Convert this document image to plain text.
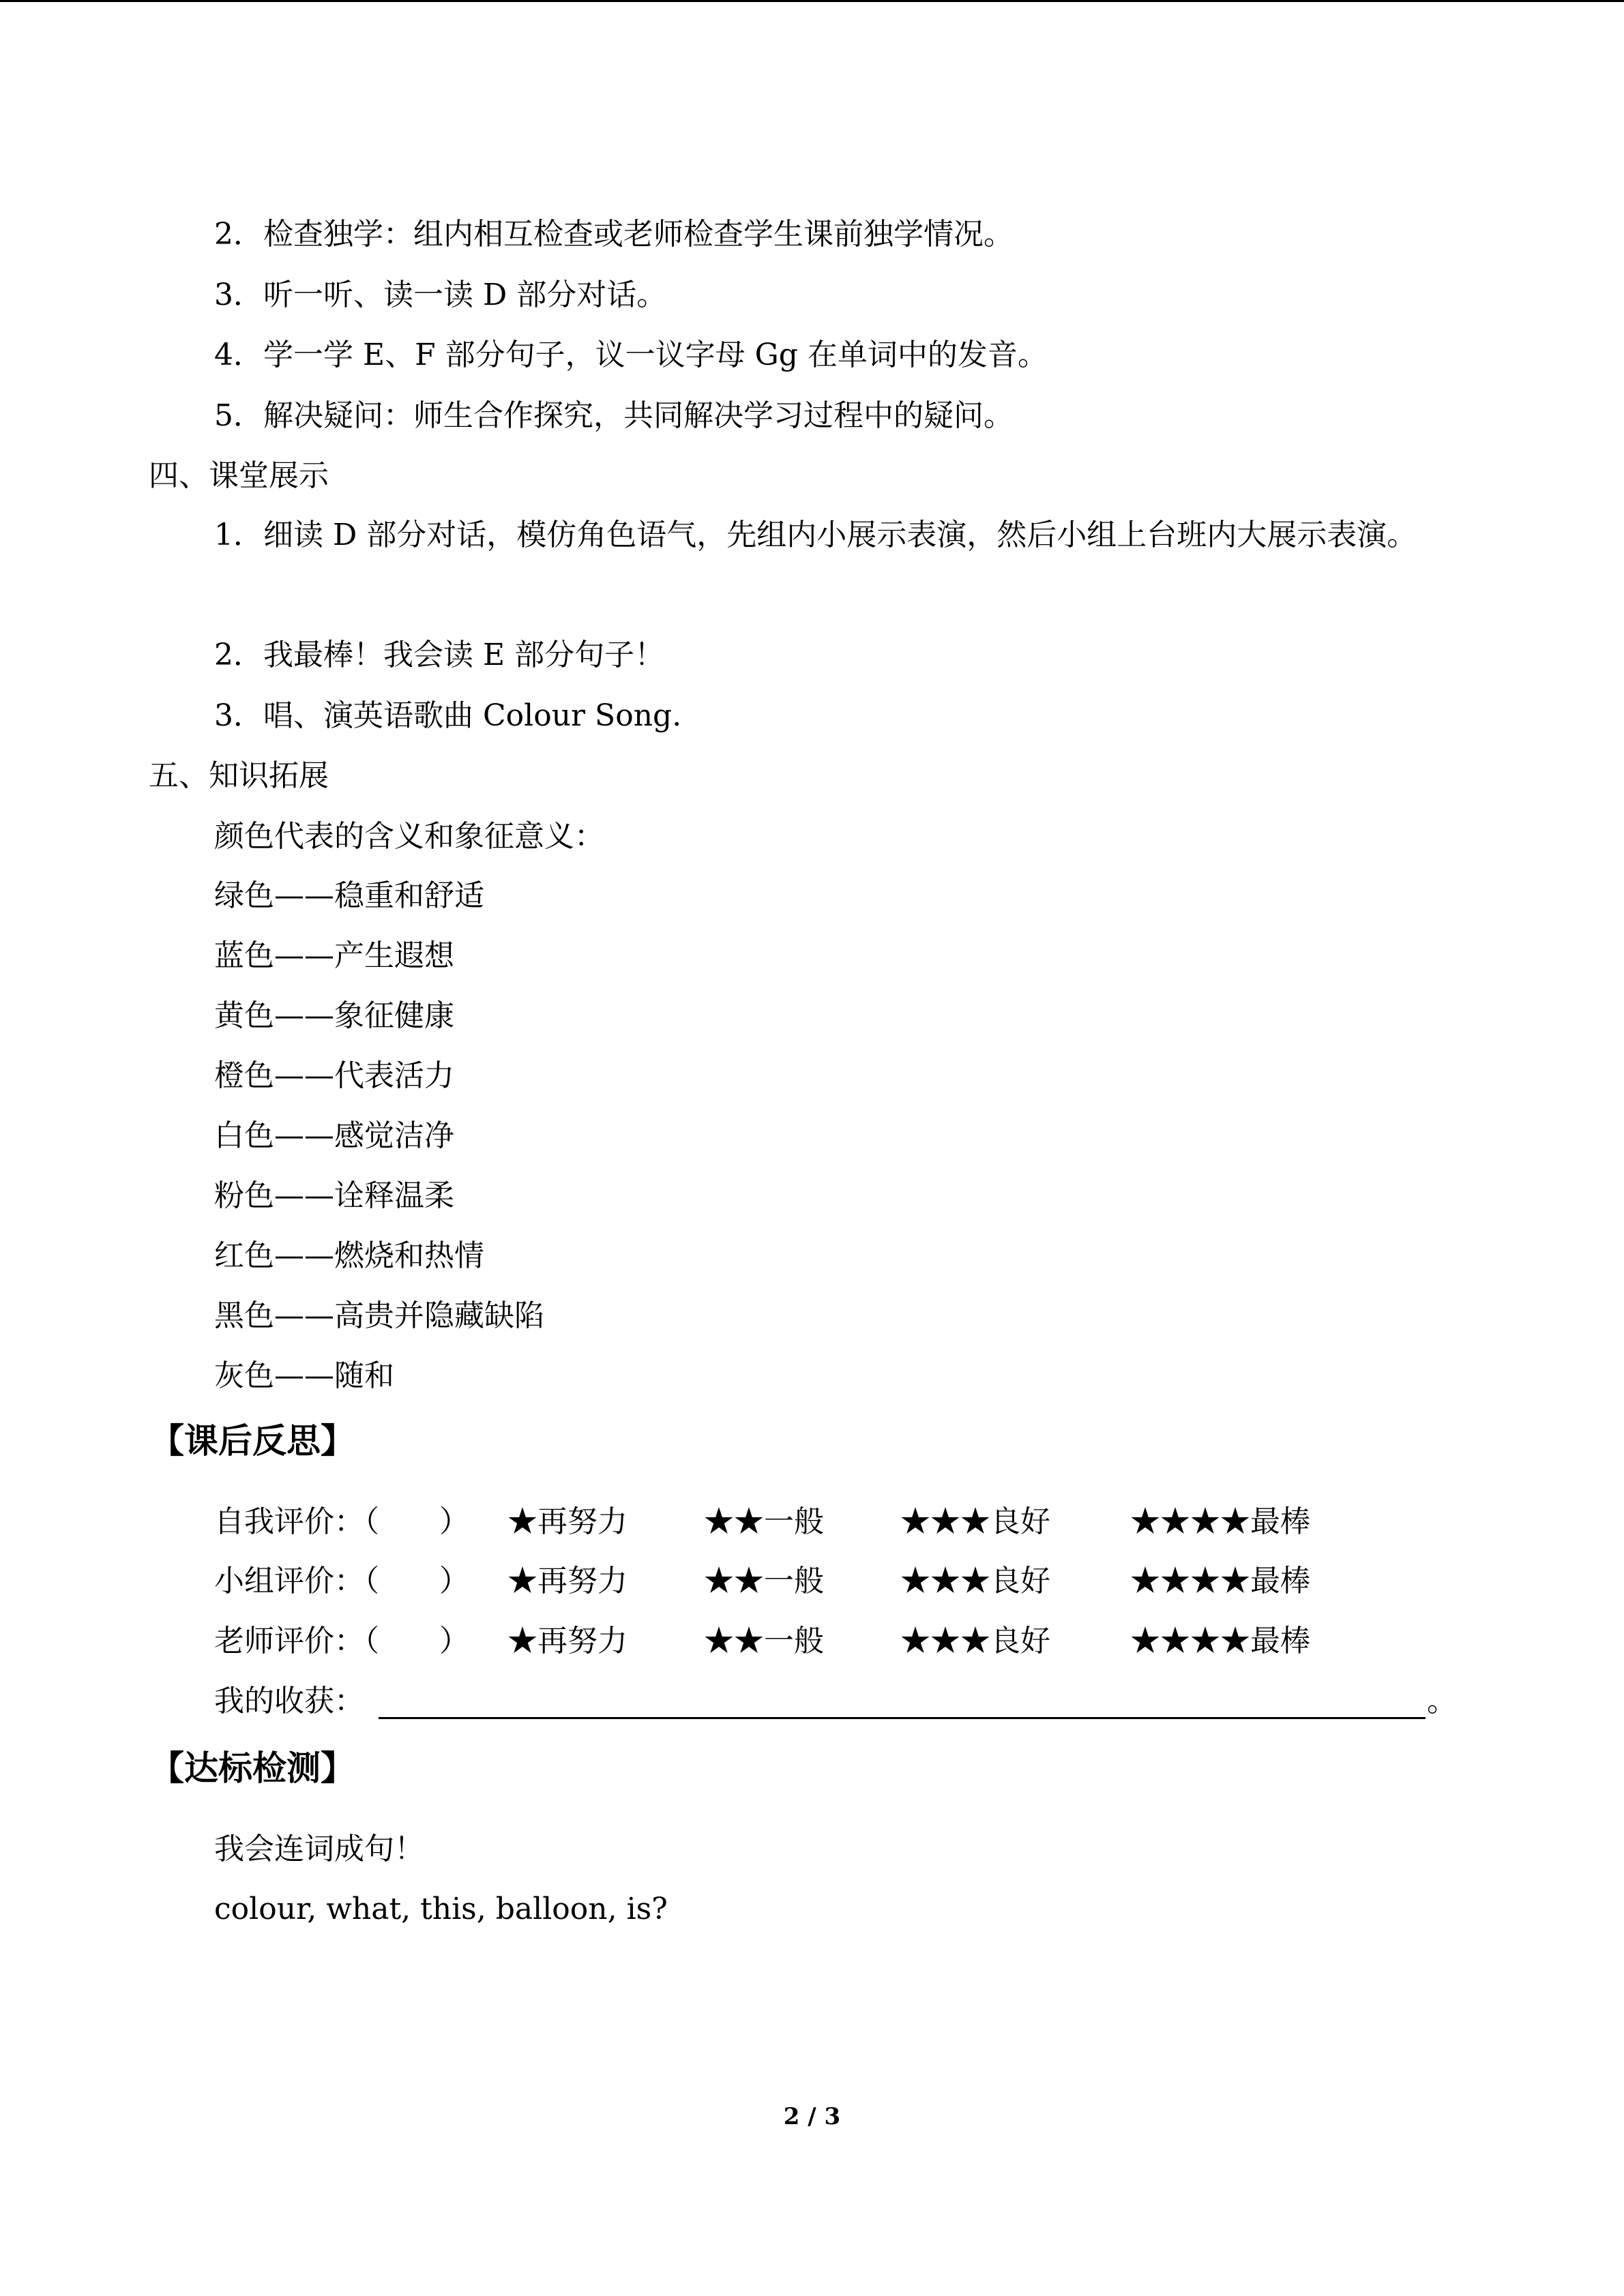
2．检查独学：组内相互检查或老师检查学生课前独学情况。
3．听一听、读一读 D 部分对话。
4．学一学 E、F 部分句子，议一议字母 Gg 在单词中的发音。
5．解决疑问：师生合作探究，共同解决学习过程中的疑问。
四、课堂展示
1．细读 D 部分对话，模仿角色语气，先组内小展示表演，然后小组上台班内大展示表演。
2．我最棒！我会读 E 部分句子！
3．唱、演英语歌曲 Colour Song.
五、知识拓展
颜色代表的含义和象征意义：
绿色——稳重和舒适
蓝色——产生遐想
黄色——象征健康
橙色——代表活力
白色——感觉洁净
粉色——诠释温柔
红色——燃烧和热情
黑色——高贵并隐藏缺陷
灰色——随和
【课后反思】
自我评价：（　　） ★再努力	★★一般	★★★良好	★★★★最棒
小组评价：（　　） ★再努力	★★一般	★★★良好	★★★★最棒
老师评价：（　　） ★再努力	★★一般	★★★良好	★★★★最棒
我的收获：	。
【达标检测】
我会连词成句！
colour, what, this, balloon, is?
2 / 3
